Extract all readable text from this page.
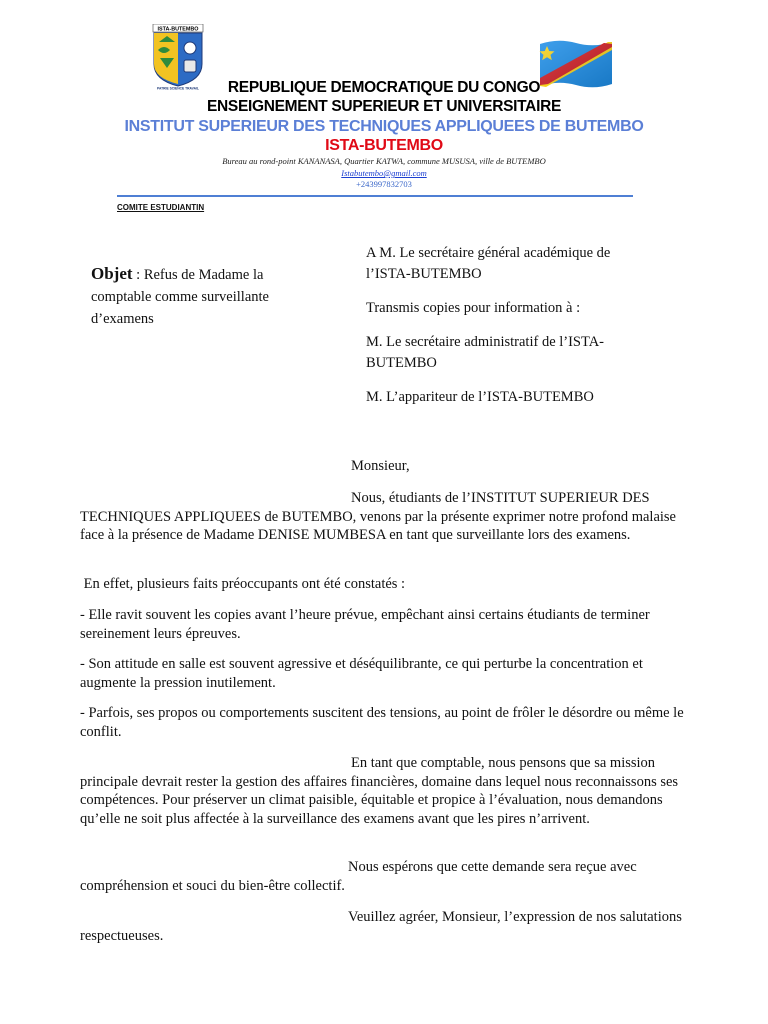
ISTA-BUTEMBO
PATRIE SCIENCE TRAVAIL	REPUBLIQUE DEMOCRATIQUE DU CONGO
ENSEIGNEMENT SUPERIEUR ET UNIVERSITAIRE
INSTITUT SUPERIEUR DES TECHNIQUES APPLIQUEES DE BUTEMBO
ISTA-BUTEMBO
Bureau au rond-point KANANASA, Quartier KATWA, commune MUSUSA, ville de BUTEMBO
Istabutembo@gmail.com
+243997832703
COMITE ESTUDIANTIN
Objet : Refus de Madame la comptable comme surveillante d’examens
A M. Le secrétaire général académique de l’ISTA-BUTEMBO
Transmis copies pour information à :
M. Le secrétaire administratif de l’ISTA-BUTEMBO
M. L’appariteur de l’ISTA-BUTEMBO
Monsieur,
Nous, étudiants de l’INSTITUT SUPERIEUR DES TECHNIQUES APPLIQUEES de BUTEMBO, venons par la présente exprimer notre profond malaise face à la présence de Madame DENISE MUMBESA en tant que surveillante lors des examens.
En effet, plusieurs faits préoccupants ont été constatés :
- Elle ravit souvent les copies avant l’heure prévue, empêchant ainsi certains étudiants de terminer sereinement leurs épreuves.
- Son attitude en salle est souvent agressive et déséquilibrante, ce qui perturbe la concentration et augmente la pression inutilement.
- Parfois, ses propos ou comportements suscitent des tensions, au point de frôler le désordre ou même le conflit.
En tant que comptable, nous pensons que sa mission principale devrait rester la gestion des affaires financières, domaine dans lequel nous reconnaissons ses compétences. Pour préserver un climat paisible, équitable et propice à l’évaluation, nous demandons qu’elle ne soit plus affectée à la surveillance des examens avant que les pires n’arrivent.
Nous espérons que cette demande sera reçue avec compréhension et souci du bien-être collectif.
Veuillez agréer, Monsieur, l’expression de nos salutations respectueuses.
